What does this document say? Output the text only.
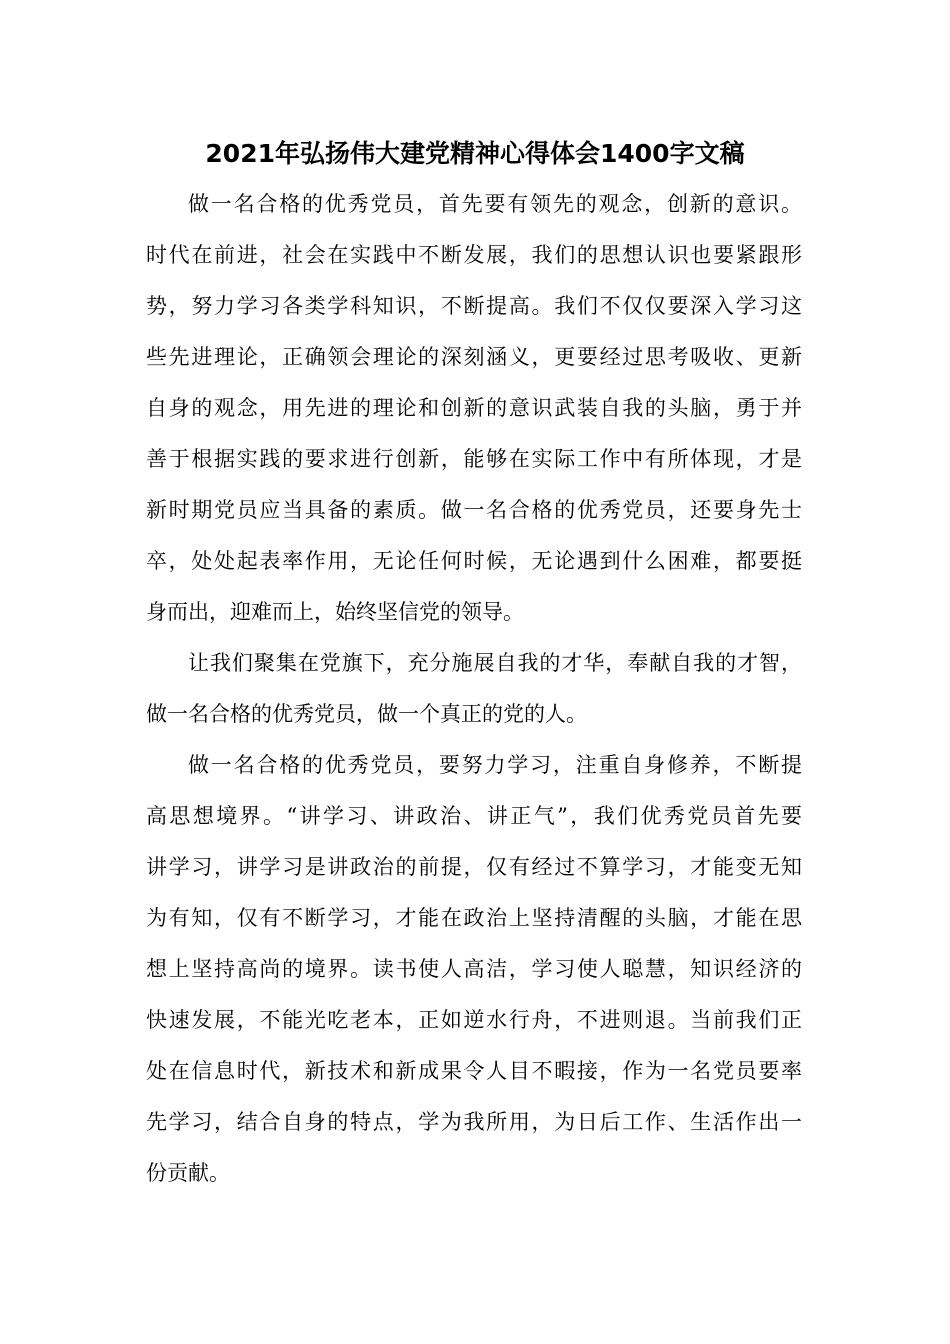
2021年弘扬伟大建党精神心得体会1400字文稿

做一名合格的优秀党员，首先要有领先的观念，创新的意识。
时代在前进，社会在实践中不断发展，我们的思想认识也要紧跟形
势，努力学习各类学科知识，不断提高。我们不仅仅要深入学习这
些先进理论，正确领会理论的深刻涵义，更要经过思考吸收、更新
自身的观念，用先进的理论和创新的意识武装自我的头脑，勇于并
善于根据实践的要求进行创新，能够在实际工作中有所体现，才是
新时期党员应当具备的素质。做一名合格的优秀党员，还要身先士
卒，处处起表率作用，无论任何时候，无论遇到什么困难，都要挺
身而出，迎难而上，始终坚信党的领导。

让我们聚集在党旗下，充分施展自我的才华，奉献自我的才智，
做一名合格的优秀党员，做一个真正的党的人。

做一名合格的优秀党员，要努力学习，注重自身修养，不断提
高思想境界。“讲学习、讲政治、讲正气”，我们优秀党员首先要
讲学习，讲学习是讲政治的前提，仅有经过不算学习，才能变无知
为有知，仅有不断学习，才能在政治上坚持清醒的头脑，才能在思
想上坚持高尚的境界。读书使人高洁，学习使人聪慧，知识经济的
快速发展，不能光吃老本，正如逆水行舟，不进则退。当前我们正
处在信息时代，新技术和新成果令人目不暇接，作为一名党员要率
先学习，结合自身的特点，学为我所用，为日后工作、生活作出一
份贡献。
